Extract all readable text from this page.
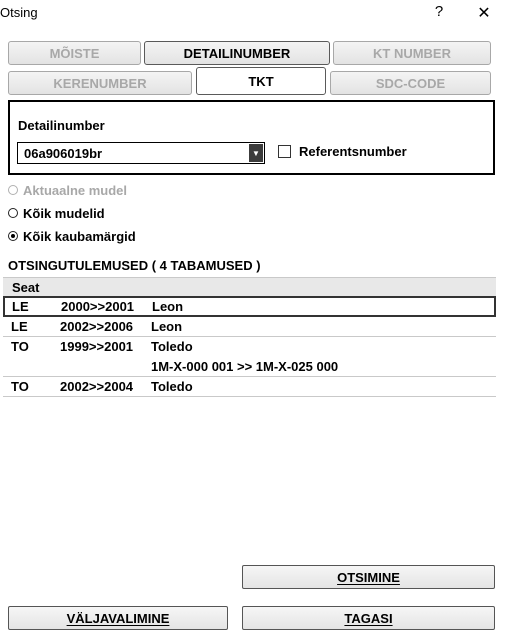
Otsing	?	✕
MÕISTE	DETAILINUMBER	KT NUMBER
KERENUMBER	TKT	SDC-CODE
Detailinumber
06a906019br	▼	Referentsnumber
Aktuaalne mudel
Kõik mudelid
Kõik kaubamärgid
OTSINGUTULEMUSED ( 4 TABAMUSED )
Seat
LE 2000>>2001 Leon
LE 2002>>2006 Leon
TO 1999>>2001 Toledo
1M-X-000 001 >> 1M-X-025 000
TO 2002>>2004 Toledo
OTSIMINE
VÄLJAVALIMINE	TAGASI
